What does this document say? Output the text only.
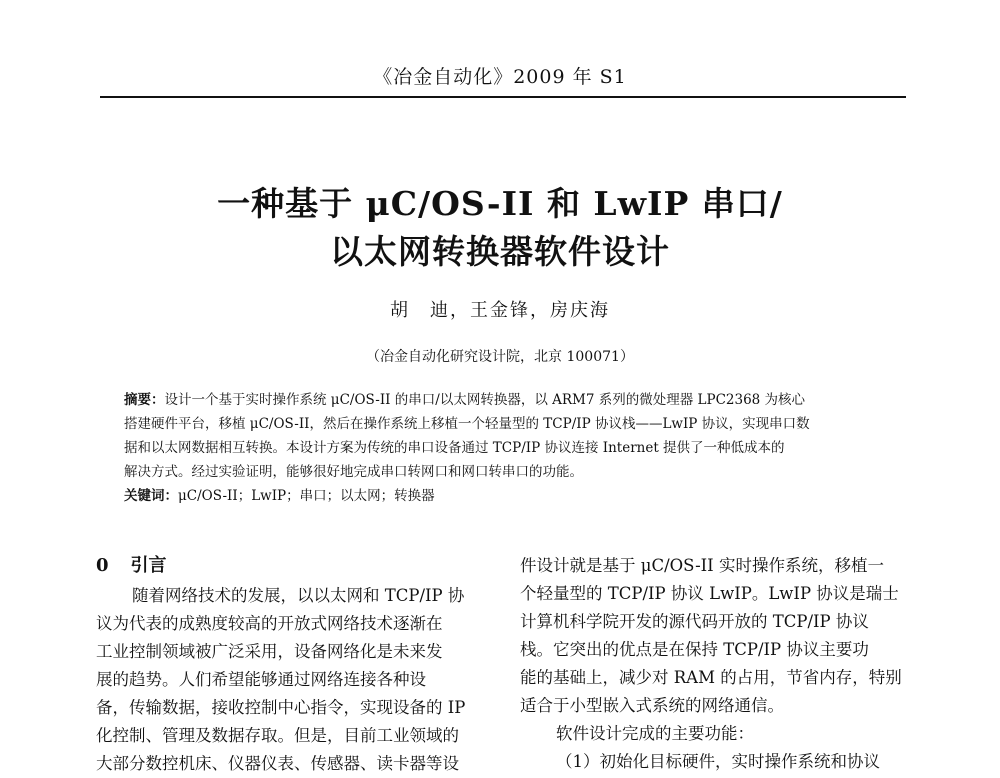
《冶金自动化》2009 年 S1
一种基于 μC/OS-II 和 LwIP 串口/
以太网转换器软件设计
胡　迪，王金锋，房庆海
（冶金自动化研究设计院，北京 100071）
摘要：设计一个基于实时操作系统 μC/OS-II 的串口/以太网转换器，以 ARM7 系列的微处理器 LPC2368 为核心
搭建硬件平台，移植 μC/OS-II，然后在操作系统上移植一个轻量型的 TCP/IP 协议栈——LwIP 协议，实现串口数
据和以太网数据相互转换。本设计方案为传统的串口设备通过 TCP/IP 协议连接 Internet 提供了一种低成本的
解决方式。经过实验证明，能够很好地完成串口转网口和网口转串口的功能。
关键词：μC/OS-II；LwIP；串口；以太网；转换器
0 引言
随着网络技术的发展，以以太网和 TCP/IP 协
议为代表的成熟度较高的开放式网络技术逐渐在
工业控制领域被广泛采用，设备网络化是未来发
展的趋势。人们希望能够通过网络连接各种设
备，传输数据，接收控制中心指令，实现设备的 IP
化控制、管理及数据存取。但是，目前工业领域的
大部分数控机床、仪器仪表、传感器、读卡器等设
件设计就是基于 μC/OS-II 实时操作系统，移植一
个轻量型的 TCP/IP 协议 LwIP。LwIP 协议是瑞士
计算机科学院开发的源代码开放的 TCP/IP 协议
栈。它突出的优点是在保持 TCP/IP 协议主要功
能的基础上，减少对 RAM 的占用，节省内存，特别
适合于小型嵌入式系统的网络通信。
软件设计完成的主要功能：
（1）初始化目标硬件，实时操作系统和协议
